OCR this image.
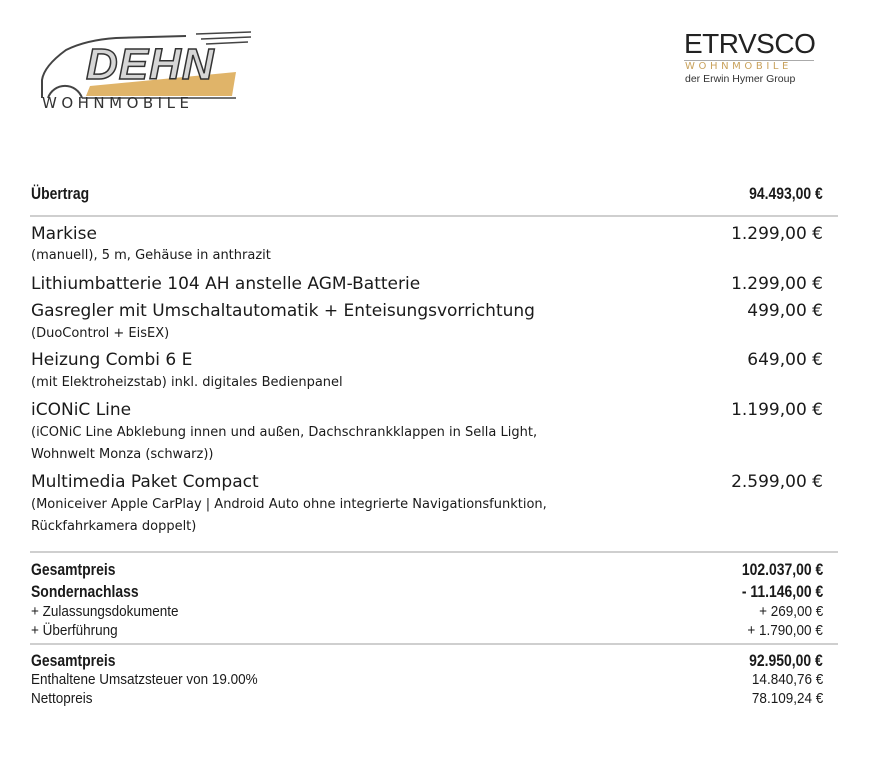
DEHN
WOHNMOBILE
ETRVSCO
WOHNMOBILE
der Erwin Hymer Group
Übertrag	94.493,00 €
Markise	1.299,00 €
(manuell), 5 m, Gehäuse in anthrazit
Lithiumbatterie 104 AH anstelle AGM-Batterie	1.299,00 €
Gasregler mit Umschaltautomatik + Enteisungsvorrichtung	499,00 €
(DuoControl + EisEX)
Heizung Combi 6 E	649,00 €
(mit Elektroheizstab) inkl. digitales Bedienpanel
iCONiC Line	1.199,00 €
(iCONiC Line Abklebung innen und außen, Dachschrankklappen in Sella Light,
Wohnwelt Monza (schwarz))
Multimedia Paket Compact	2.599,00 €
(Moniceiver Apple CarPlay | Android Auto ohne integrierte Navigationsfunktion,
Rückfahrkamera doppelt)
Gesamtpreis	102.037,00 €
Sondernachlass	- 11.146,00 €
+ Zulassungsdokumente	+ 269,00 €
+ Überführung	+ 1.790,00 €
Gesamtpreis	92.950,00 €
Enthaltene Umsatzsteuer von 19.00%	14.840,76 €
Nettopreis	78.109,24 €
